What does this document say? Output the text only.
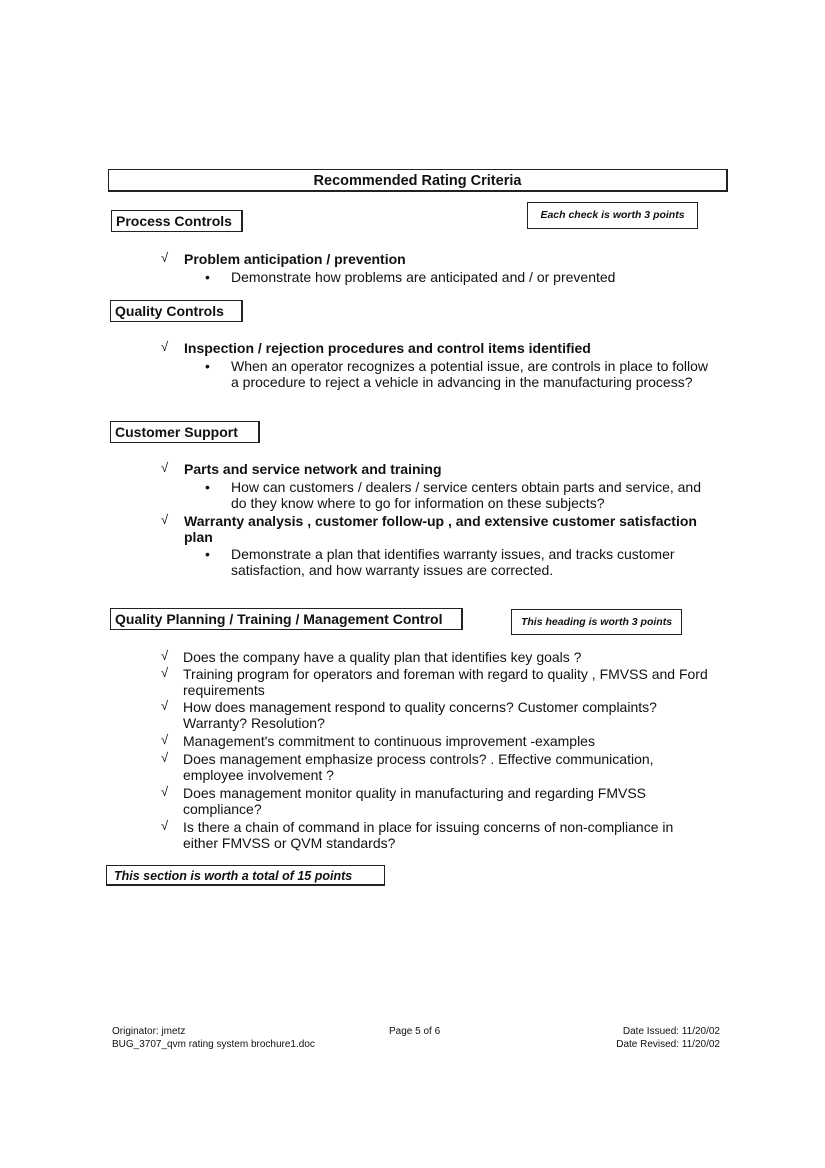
Recommended Rating Criteria
Process Controls	Each check is worth 3 points
√ Problem anticipation / prevention
• Demonstrate how problems are anticipated and / or prevented
Quality Controls
√ Inspection / rejection procedures and control items identified
• When an operator recognizes a potential issue, are controls in place to follow
a procedure to reject a vehicle in advancing in the manufacturing process?
Customer Support
√ Parts and service network and training
• How can customers / dealers / service centers obtain parts and service, and
do they know where to go for information on these subjects?
√ Warranty analysis , customer follow-up , and extensive customer satisfaction
plan
• Demonstrate a plan that identifies warranty issues, and tracks customer
satisfaction, and how warranty issues are corrected.
Quality Planning / Training / Management Control	This heading is worth 3 points
√ Does the company have a quality plan that identifies key goals ?
√ Training program for operators and foreman with regard to quality , FMVSS and Ford
requirements
√ How does management respond to quality concerns? Customer complaints?
Warranty? Resolution?
√ Management's commitment to continuous improvement -examples
√ Does management emphasize process controls? . Effective communication,
employee involvement ?
√ Does management monitor quality in manufacturing and regarding FMVSS
compliance?
√ Is there a chain of command in place for issuing concerns of non-compliance in
either FMVSS or QVM standards?
This section is worth a total of 15 points
Originator: jmetz
BUG_3707_qvm rating system brochure1.doc
Page 5 of 6	Date Issued: 11/20/02
Date Revised: 11/20/02
